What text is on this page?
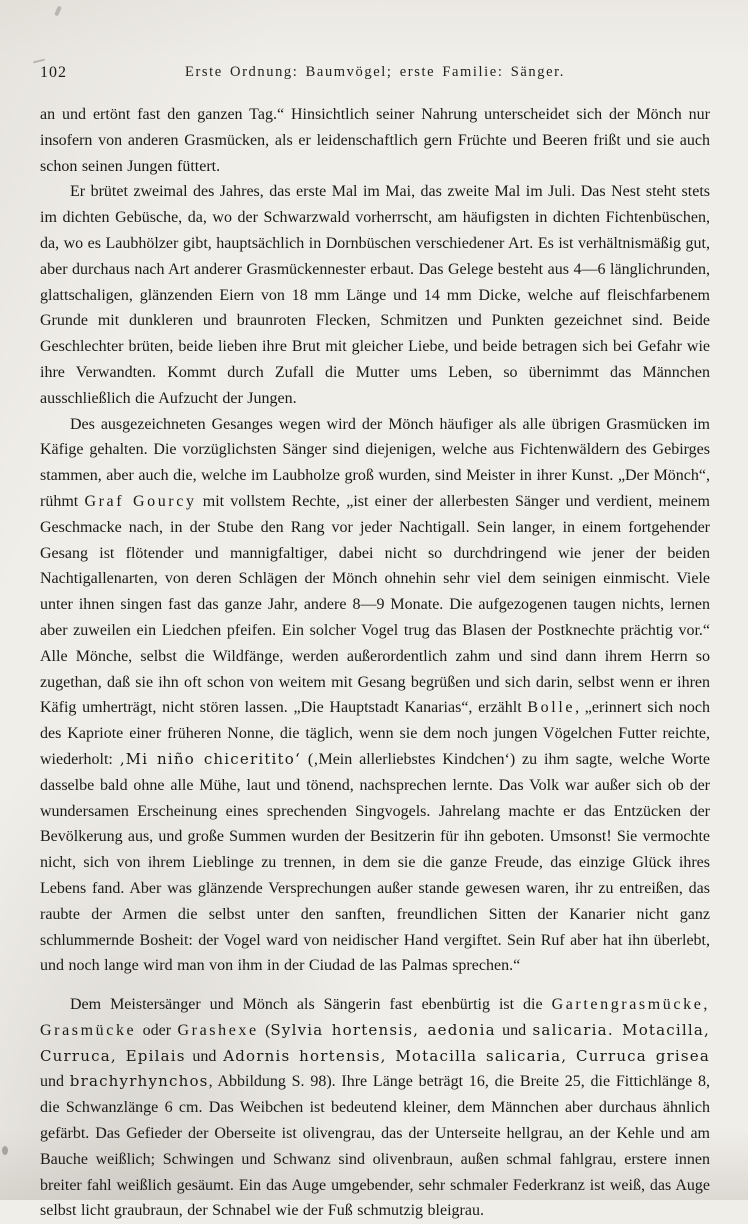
102	Erste Ordnung: Baumvögel; erste Familie: Sänger.

an und ertönt fast den ganzen Tag.“ Hinsichtlich seiner Nahrung unterscheidet sich der Mönch nur insofern von anderen Grasmücken, als er leidenschaftlich gern Früchte und Beeren frißt und sie auch schon seinen Jungen füttert.

Er brütet zweimal des Jahres, das erste Mal im Mai, das zweite Mal im Juli. Das Nest steht stets im dichten Gebüsche, da, wo der Schwarzwald vorherrscht, am häufigsten in dichten Fichtenbüschen, da, wo es Laubhölzer gibt, hauptsächlich in Dornbüschen verschiedener Art. Es ist verhältnismäßig gut, aber durchaus nach Art anderer Grasmückennester erbaut. Das Gelege besteht aus 4—6 länglichrunden, glattschaligen, glänzenden Eiern von 18 mm Länge und 14 mm Dicke, welche auf fleischfarbenem Grunde mit dunkleren und braunroten Flecken, Schmitzen und Punkten gezeichnet sind. Beide Geschlechter brüten, beide lieben ihre Brut mit gleicher Liebe, und beide betragen sich bei Gefahr wie ihre Verwandten. Kommt durch Zufall die Mutter ums Leben, so übernimmt das Männchen ausschließlich die Aufzucht der Jungen.

Des ausgezeichneten Gesanges wegen wird der Mönch häufiger als alle übrigen Grasmücken im Käfige gehalten. Die vorzüglichsten Sänger sind diejenigen, welche aus Fichtenwäldern des Gebirges stammen, aber auch die, welche im Laubholze groß wurden, sind Meister in ihrer Kunst. „Der Mönch“, rühmt Graf Gourcy mit vollstem Rechte, „ist einer der allerbesten Sänger und verdient, meinem Geschmacke nach, in der Stube den Rang vor jeder Nachtigall. Sein langer, in einem fortgehender Gesang ist flötender und mannigfaltiger, dabei nicht so durchdringend wie jener der beiden Nachtigallenarten, von deren Schlägen der Mönch ohnehin sehr viel dem seinigen einmischt. Viele unter ihnen singen fast das ganze Jahr, andere 8—9 Monate. Die aufgezogenen taugen nichts, lernen aber zuweilen ein Liedchen pfeifen. Ein solcher Vogel trug das Blasen der Postknechte prächtig vor.“ Alle Mönche, selbst die Wildfänge, werden außerordentlich zahm und sind dann ihrem Herrn so zugethan, daß sie ihn oft schon von weitem mit Gesang begrüßen und sich darin, selbst wenn er ihren Käfig umherträgt, nicht stören lassen. „Die Hauptstadt Kanarias“, erzählt Bolle, „erinnert sich noch des Kapriote einer früheren Nonne, die täglich, wenn sie dem noch jungen Vögelchen Futter reichte, wiederholt: ‚Mi niño chiceritito‘ (‚Mein allerliebstes Kindchen‘) zu ihm sagte, welche Worte dasselbe bald ohne alle Mühe, laut und tönend, nachsprechen lernte. Das Volk war außer sich ob der wundersamen Erscheinung eines sprechenden Singvogels. Jahrelang machte er das Entzücken der Bevölkerung aus, und große Summen wurden der Besitzerin für ihn geboten. Umsonst! Sie vermochte nicht, sich von ihrem Lieblinge zu trennen, in dem sie die ganze Freude, das einzige Glück ihres Lebens fand. Aber was glänzende Versprechungen außer stande gewesen waren, ihr zu entreißen, das raubte der Armen die selbst unter den sanften, freundlichen Sitten der Kanarier nicht ganz schlummernde Bosheit: der Vogel ward von neidischer Hand vergiftet. Sein Ruf aber hat ihn überlebt, und noch lange wird man von ihm in der Ciudad de las Palmas sprechen.“

Dem Meistersänger und Mönch als Sängerin fast ebenbürtig ist die Gartengrasmücke, Grasmücke oder Grashexe (Sylvia hortensis, aedonia und salicaria. Motacilla, Curruca, Epilais und Adornis hortensis, Motacilla salicaria, Curruca grisea und brachyrhynchos, Abbildung S. 98). Ihre Länge beträgt 16, die Breite 25, die Fittichlänge 8, die Schwanzlänge 6 cm. Das Weibchen ist bedeutend kleiner, dem Männchen aber durchaus ähnlich gefärbt. Das Gefieder der Oberseite ist olivengrau, das der Unterseite hellgrau, an der Kehle und am Bauche weißlich; Schwingen und Schwanz sind olivenbraun, außen schmal fahlgrau, erstere innen breiter fahl weißlich gesäumt. Ein das Auge umgebender, sehr schmaler Federkranz ist weiß, das Auge selbst licht graubraun, der Schnabel wie der Fuß schmutzig bleigrau.
